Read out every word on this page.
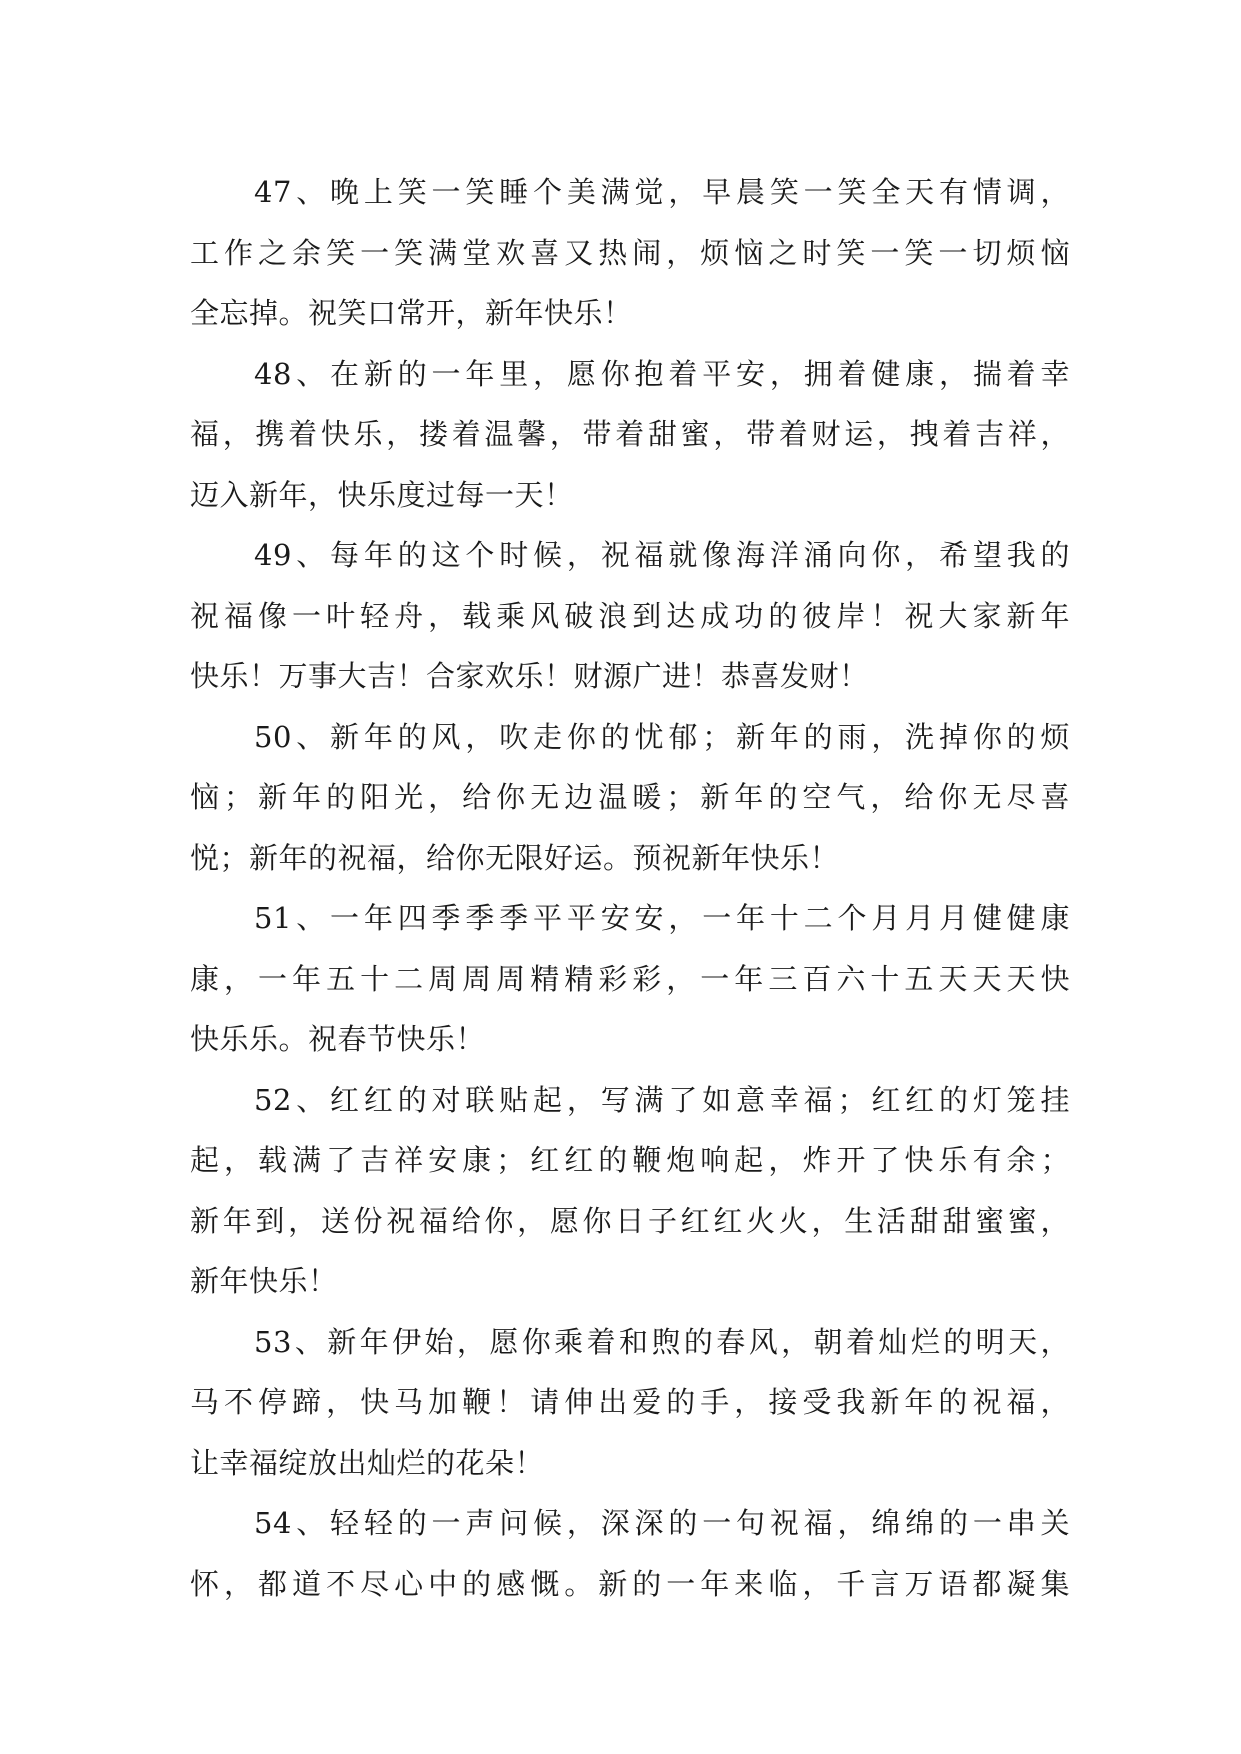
47、晚上笑一笑睡个美满觉，早晨笑一笑全天有情调，
工作之余笑一笑满堂欢喜又热闹，烦恼之时笑一笑一切烦恼
全忘掉。祝笑口常开，新年快乐！
48、在新的一年里，愿你抱着平安，拥着健康，揣着幸
福，携着快乐，搂着温馨，带着甜蜜，带着财运，拽着吉祥，
迈入新年，快乐度过每一天！
49、每年的这个时候，祝福就像海洋涌向你，希望我的
祝福像一叶轻舟，载乘风破浪到达成功的彼岸！祝大家新年
快乐！万事大吉！合家欢乐！财源广进！恭喜发财！
50、新年的风，吹走你的忧郁；新年的雨，洗掉你的烦
恼；新年的阳光，给你无边温暖；新年的空气，给你无尽喜
悦；新年的祝福，给你无限好运。预祝新年快乐！
51、一年四季季季平平安安，一年十二个月月月健健康
康，一年五十二周周周精精彩彩，一年三百六十五天天天快
快乐乐。祝春节快乐！
52、红红的对联贴起，写满了如意幸福；红红的灯笼挂
起，载满了吉祥安康；红红的鞭炮响起，炸开了快乐有余；
新年到，送份祝福给你，愿你日子红红火火，生活甜甜蜜蜜，
新年快乐！
53、新年伊始，愿你乘着和煦的春风，朝着灿烂的明天，
马不停蹄，快马加鞭！请伸出爱的手，接受我新年的祝福，
让幸福绽放出灿烂的花朵！
54、轻轻的一声问候，深深的一句祝福，绵绵的一串关
怀，都道不尽心中的感慨。新的一年来临，千言万语都凝集
